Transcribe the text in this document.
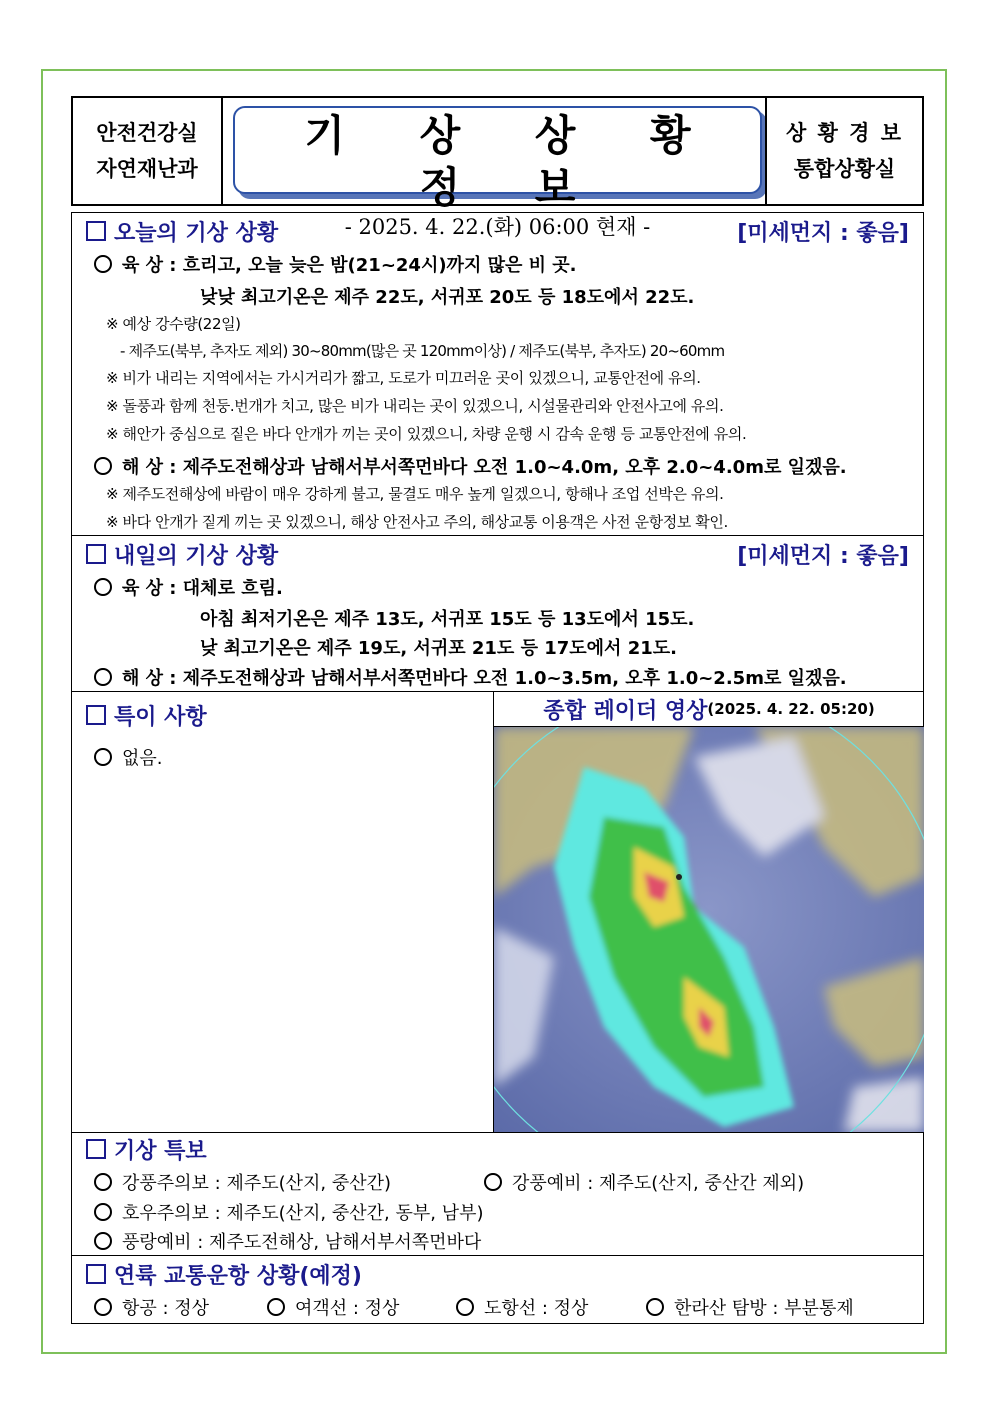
안전건강실
자연재난과
기 상 상 황 정 보
- 2025. 4. 22.(화) 06:00 현재 -
상 황 경 보
통합상황실
오늘의 기상 상황	[미세먼지 : 좋음]
육 상 : 흐리고, 오늘 늦은 밤(21~24시)까지 많은 비 곳.
낮낮 최고기온은 제주 22도, 서귀포 20도 등 18도에서 22도.
※ 예상 강수량(22일)
- 제주도(북부, 추자도 제외) 30~80mm(많은 곳 120mm이상) / 제주도(북부, 추자도) 20~60mm
※ 비가 내리는 지역에서는 가시거리가 짧고, 도로가 미끄러운 곳이 있겠으니, 교통안전에 유의.
※ 돌풍과 함께 천둥.번개가 치고, 많은 비가 내리는 곳이 있겠으니, 시설물관리와 안전사고에 유의.
※ 해안가 중심으로 짙은 바다 안개가 끼는 곳이 있겠으니, 차량 운행 시 감속 운행 등 교통안전에 유의.
해 상 : 제주도전해상과 남해서부서쪽먼바다 오전 1.0~4.0m, 오후 2.0~4.0m로 일겠음.
※ 제주도전해상에 바람이 매우 강하게 불고, 물결도 매우 높게 일겠으니, 항해나 조업 선박은 유의.
※ 바다 안개가 짙게 끼는 곳 있겠으니, 해상 안전사고 주의, 해상교통 이용객은 사전 운항정보 확인.
내일의 기상 상황	[미세먼지 : 좋음]
육 상 : 대체로 흐림.
아침 최저기온은 제주 13도, 서귀포 15도 등 13도에서 15도.
낮 최고기온은 제주 19도, 서귀포 21도 등 17도에서 21도.
해 상 : 제주도전해상과 남해서부서쪽먼바다 오전 1.0~3.5m, 오후 1.0~2.5m로 일겠음.
특이 사항
없음.
종합 레이더 영상 (2025. 4. 22. 05:20)
기상 특보
강풍주의보 : 제주도(산지, 중산간)	강풍예비 : 제주도(산지, 중산간 제외)
호우주의보 : 제주도(산지, 중산간, 동부, 남부)
풍랑예비 : 제주도전해상, 남해서부서쪽먼바다
연륙 교통운항 상황(예정)
항공 : 정상	여객선 : 정상	도항선 : 정상	한라산 탐방 : 부분통제
